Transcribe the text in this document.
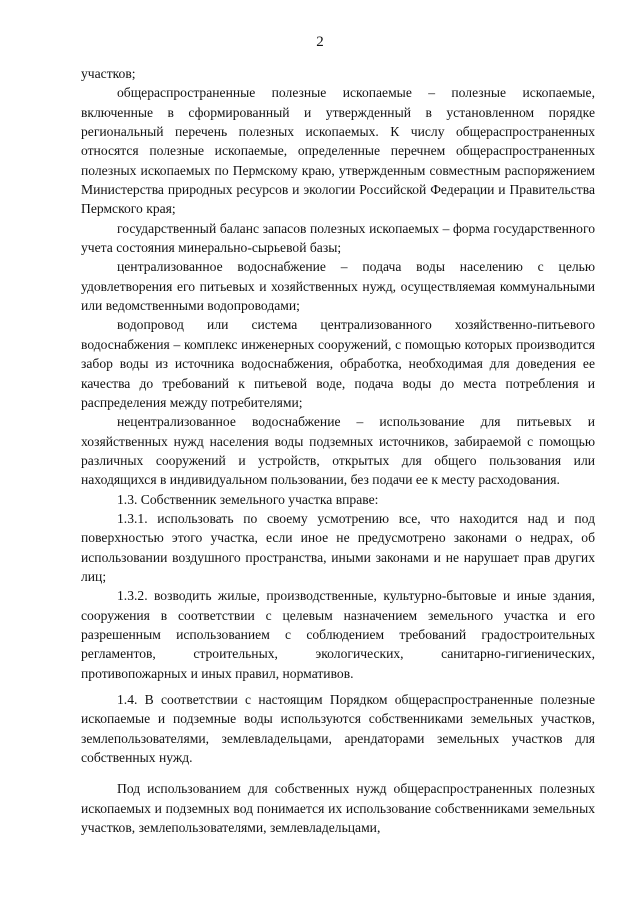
2

участков;

общераспространенные полезные ископаемые – полезные ископаемые, включенные в сформированный и утвержденный в установленном порядке региональный перечень полезных ископаемых. К числу общераспространенных относятся полезные ископаемые, определенные перечнем общераспространенных полезных ископаемых по Пермскому краю, утвержденным совместным распоряжением Министерства природных ресурсов и экологии Российской Федерации и Правительства Пермского края;

государственный баланс запасов полезных ископаемых – форма государственного учета состояния минерально-сырьевой базы;

централизованное водоснабжение – подача воды населению с целью удовлетворения его питьевых и хозяйственных нужд, осуществляемая коммунальными или ведомственными водопроводами;

водопровод или система централизованного хозяйственно-питьевого водоснабжения – комплекс инженерных сооружений, с помощью которых производится забор воды из источника водоснабжения, обработка, необходимая для доведения ее качества до требований к питьевой воде, подача воды до места потребления и распределения между потребителями;

нецентрализованное водоснабжение – использование для питьевых и хозяйственных нужд населения воды подземных источников, забираемой с помощью различных сооружений и устройств, открытых для общего пользования или находящихся в индивидуальном пользовании, без подачи ее к месту расходования.

1.3. Собственник земельного участка вправе:

1.3.1. использовать по своему усмотрению все, что находится над и под поверхностью этого участка, если иное не предусмотрено законами о недрах, об использовании воздушного пространства, иными законами и не нарушает прав других лиц;

1.3.2. возводить жилые, производственные, культурно-бытовые и иные здания, сооружения в соответствии с целевым назначением земельного участка и его разрешенным использованием с соблюдением требований градостроительных регламентов, строительных, экологических, санитарно-гигиенических, противопожарных и иных правил, нормативов.

1.4. В соответствии с настоящим Порядком общераспространенные полезные ископаемые и подземные воды используются собственниками земельных участков, землепользователями, землевладельцами, арендаторами земельных участков для собственных нужд.

Под использованием для собственных нужд общераспространенных полезных ископаемых и подземных вод понимается их использование собственниками земельных участков, землепользователями, землевладельцами,
